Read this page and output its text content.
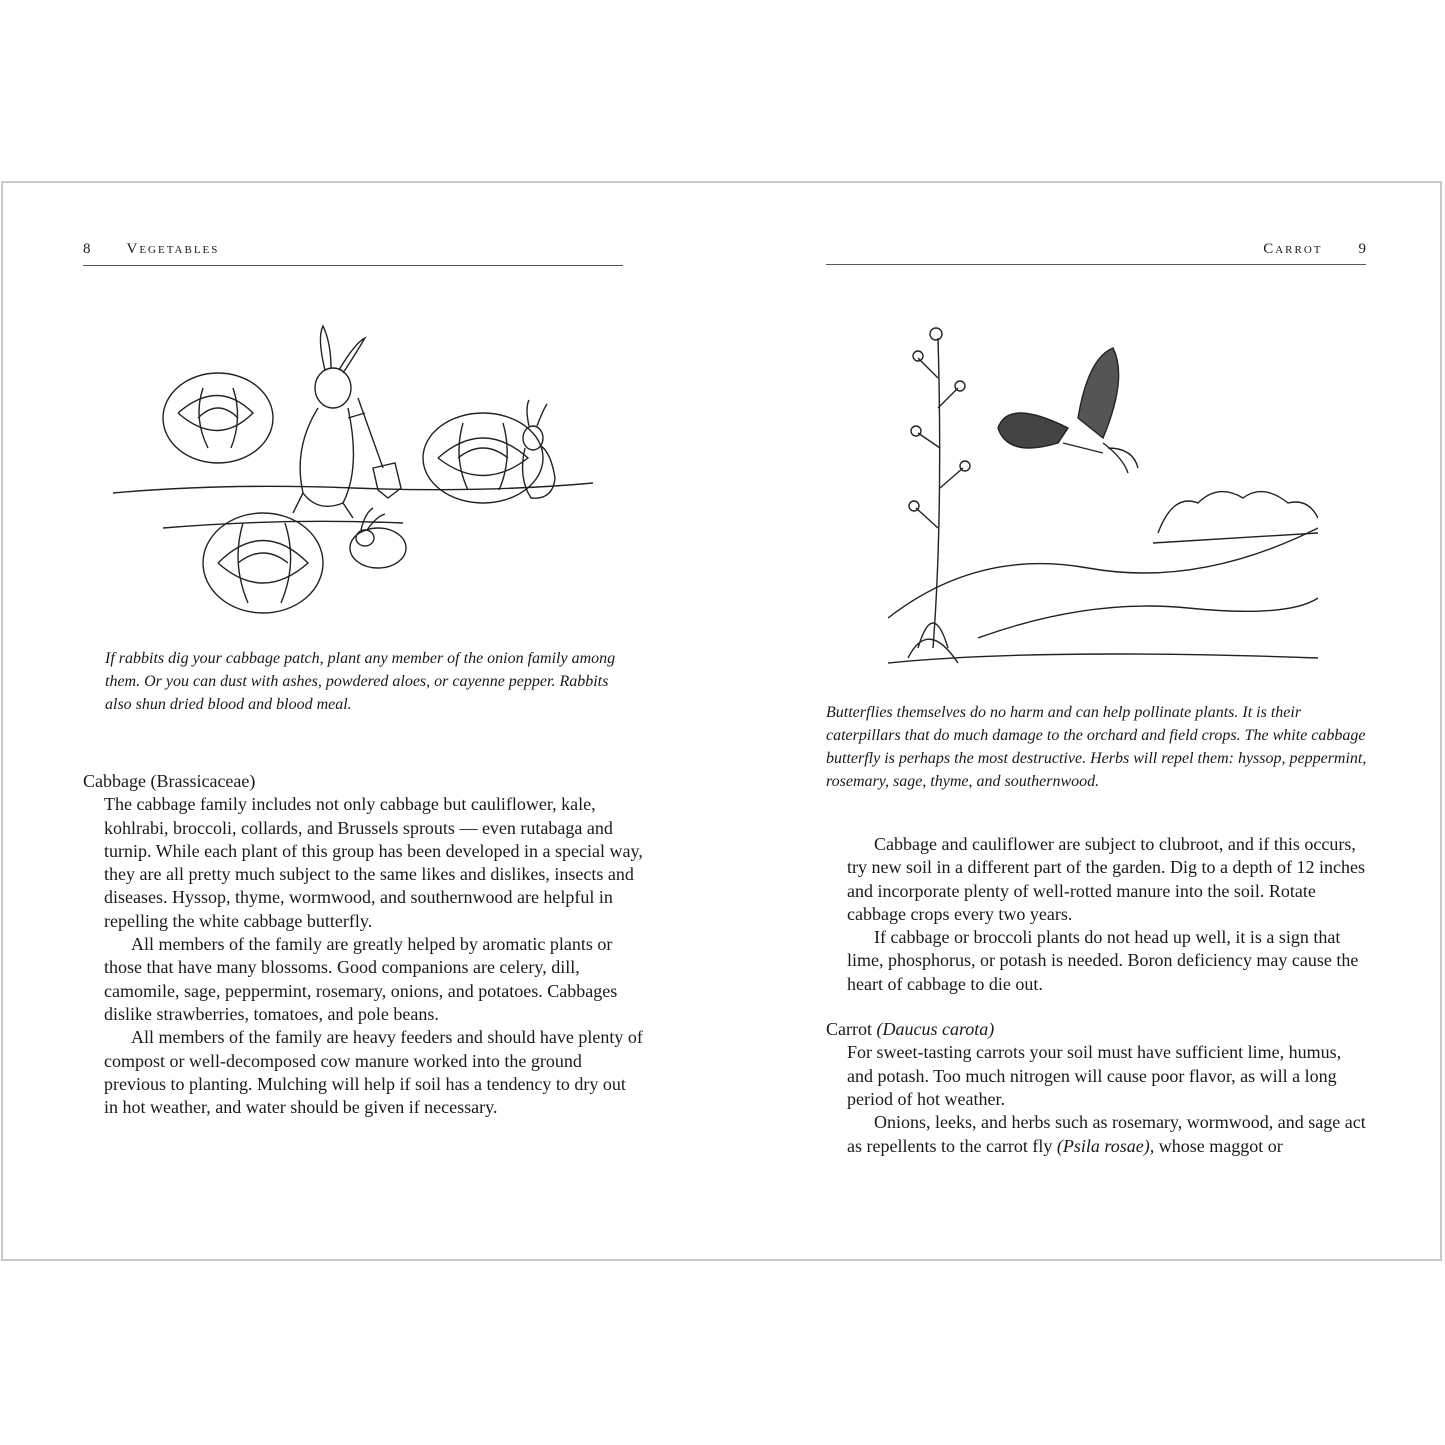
8 Vegetables

If rabbits dig your cabbage patch, plant any member of the onion family among them. Or you can dust with ashes, powdered aloes, or cayenne pepper. Rabbits also shun dried blood and blood meal.

Cabbage (Brassicaceae)

The cabbage family includes not only cabbage but cauliflower, kale, kohlrabi, broccoli, collards, and Brussels sprouts — even rutabaga and turnip. While each plant of this group has been developed in a special way, they are all pretty much subject to the same likes and dislikes, insects and diseases. Hyssop, thyme, wormwood, and southernwood are helpful in repelling the white cabbage butterfly.

All members of the family are greatly helped by aromatic plants or those that have many blossoms. Good companions are celery, dill, camomile, sage, peppermint, rosemary, onions, and potatoes. Cabbages dislike strawberries, tomatoes, and pole beans.

All members of the family are heavy feeders and should have plenty of compost or well-decomposed cow manure worked into the ground previous to planting. Mulching will help if soil has a tendency to dry out in hot weather, and water should be given if necessary.

Carrot 9

Butterflies themselves do no harm and can help pollinate plants. It is their caterpillars that do much damage to the orchard and field crops. The white cabbage butterfly is perhaps the most destructive. Herbs will repel them: hyssop, peppermint, rosemary, sage, thyme, and southernwood.

Cabbage and cauliflower are subject to clubroot, and if this occurs, try new soil in a different part of the garden. Dig to a depth of 12 inches and incorporate plenty of well-rotted manure into the soil. Rotate cabbage crops every two years.

If cabbage or broccoli plants do not head up well, it is a sign that lime, phosphorus, or potash is needed. Boron deficiency may cause the heart of cabbage to die out.

Carrot (Daucus carota)

For sweet-tasting carrots your soil must have sufficient lime, humus, and potash. Too much nitrogen will cause poor flavor, as will a long period of hot weather.

Onions, leeks, and herbs such as rosemary, wormwood, and sage act as repellents to the carrot fly (Psila rosae), whose maggot or
